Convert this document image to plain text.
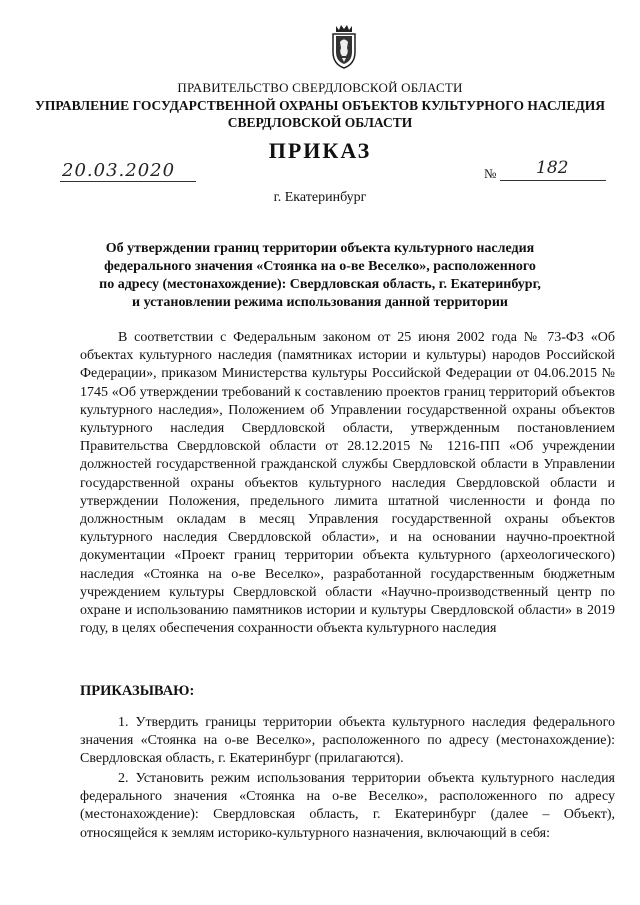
ПРАВИТЕЛЬСТВО СВЕРДЛОВСКОЙ ОБЛАСТИ
УПРАВЛЕНИЕ ГОСУДАРСТВЕННОЙ ОХРАНЫ ОБЪЕКТОВ КУЛЬТУРНОГО НАСЛЕДИЯ
СВЕРДЛОВСКОЙ ОБЛАСТИ
ПРИКАЗ
20.03.2020	№ 182
г. Екатеринбург
Об утверждении границ территории объекта культурного наследия
федерального значения «Стоянка на о-ве Веселко», расположенного
по адресу (местонахождение): Свердловская область, г. Екатеринбург,
и установлении режима использования данной территории
В соответствии с Федеральным законом от 25 июня 2002 года № 73-ФЗ «Об объектах культурного наследия (памятниках истории и культуры) народов Российской Федерации», приказом Министерства культуры Российской Федерации от 04.06.2015 № 1745 «Об утверждении требований к составлению проектов границ территорий объектов культурного наследия», Положением об Управлении государственной охраны объектов культурного наследия Свердловской области, утвержденным постановлением Правительства Свердловской области от 28.12.2015 № 1216-ПП «Об учреждении должностей государственной гражданской службы Свердловской области в Управлении государственной охраны объектов культурного наследия Свердловской области и утверждении Положения, предельного лимита штатной численности и фонда по должностным окладам в месяц Управления государственной охраны объектов культурного наследия Свердловской области», и на основании научно-проектной документации «Проект границ территории объекта культурного (археологического) наследия «Стоянка на о-ве Веселко», разработанной государственным бюджетным учреждением культуры Свердловской области «Научно-производственный центр по охране и использованию памятников истории и культуры Свердловской области» в 2019 году, в целях обеспечения сохранности объекта культурного наследия
ПРИКАЗЫВАЮ:
1. Утвердить границы территории объекта культурного наследия федерального значения «Стоянка на о-ве Веселко», расположенного по адресу (местонахождение): Свердловская область, г. Екатеринбург (прилагаются).
2. Установить режим использования территории объекта культурного наследия федерального значения «Стоянка на о-ве Веселко», расположенного по адресу (местонахождение): Свердловская область, г. Екатеринбург (далее – Объект), относящейся к землям историко-культурного назначения, включающий в себя:
